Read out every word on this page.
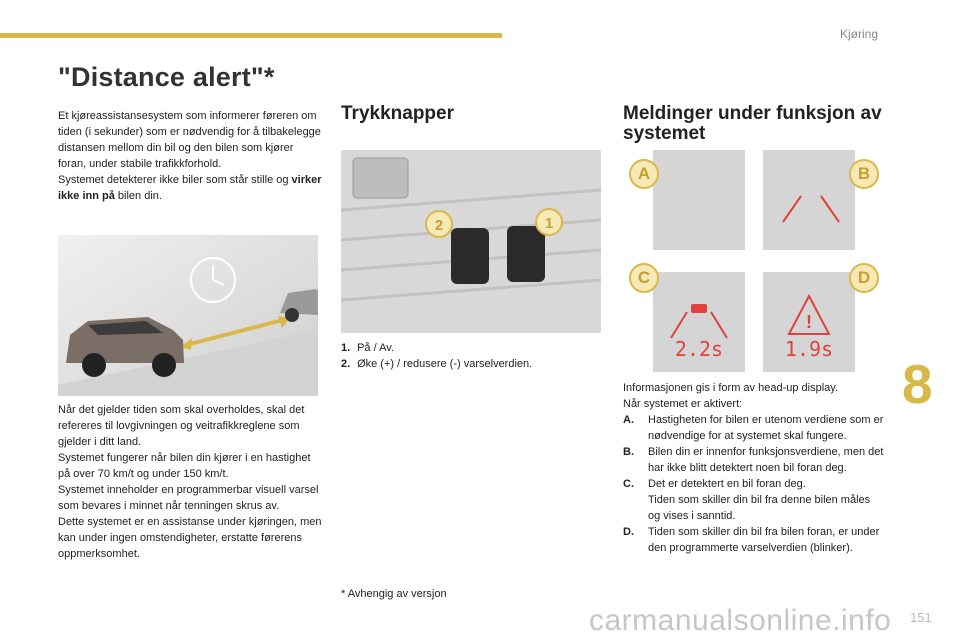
Kjøring
"Distance alert"*
Et kjøreassistansesystem som informerer føreren om tiden (i sekunder) som er nødvendig for å tilbakelegge distansen mellom din bil og den bilen som kjører foran, under stabile trafikkforhold.
Systemet detekterer ikke biler som står stille og virker ikke inn på bilen din.
Når det gjelder tiden som skal overholdes, skal det refereres til lovgivningen og veitrafikkreglene som gjelder i ditt land.
Systemet fungerer når bilen din kjører i en hastighet på over 70 km/t og under 150 km/t.
Systemet inneholder en programmerbar visuell varsel som bevares i minnet når tenningen skrus av.
Dette systemet er en assistanse under kjøringen, men kan under ingen omstendigheter, erstatte førerens oppmerksomhet.
Trykknapper
2	1
1. På / Av.
2. Øke (+) / redusere (-) varselverdien.
* Avhengig av versjon
Meldinger under funksjon av systemet
2.2s
!
1.9s
A	B
C	D
Informasjonen gis i form av head-up display.
Når systemet er aktivert:
A. Hastigheten for bilen er utenom verdiene som er nødvendige for at systemet skal fungere.
B. Bilen din er innenfor funksjonsverdiene, men det har ikke blitt detektert noen bil foran deg.
C. Det er detektert en bil foran deg.
Tiden som skiller din bil fra denne bilen måles og vises i sanntid.
D. Tiden som skiller din bil fra bilen foran, er under den programmerte varselverdien (blinker).
8
carmanualsonline.info 151
